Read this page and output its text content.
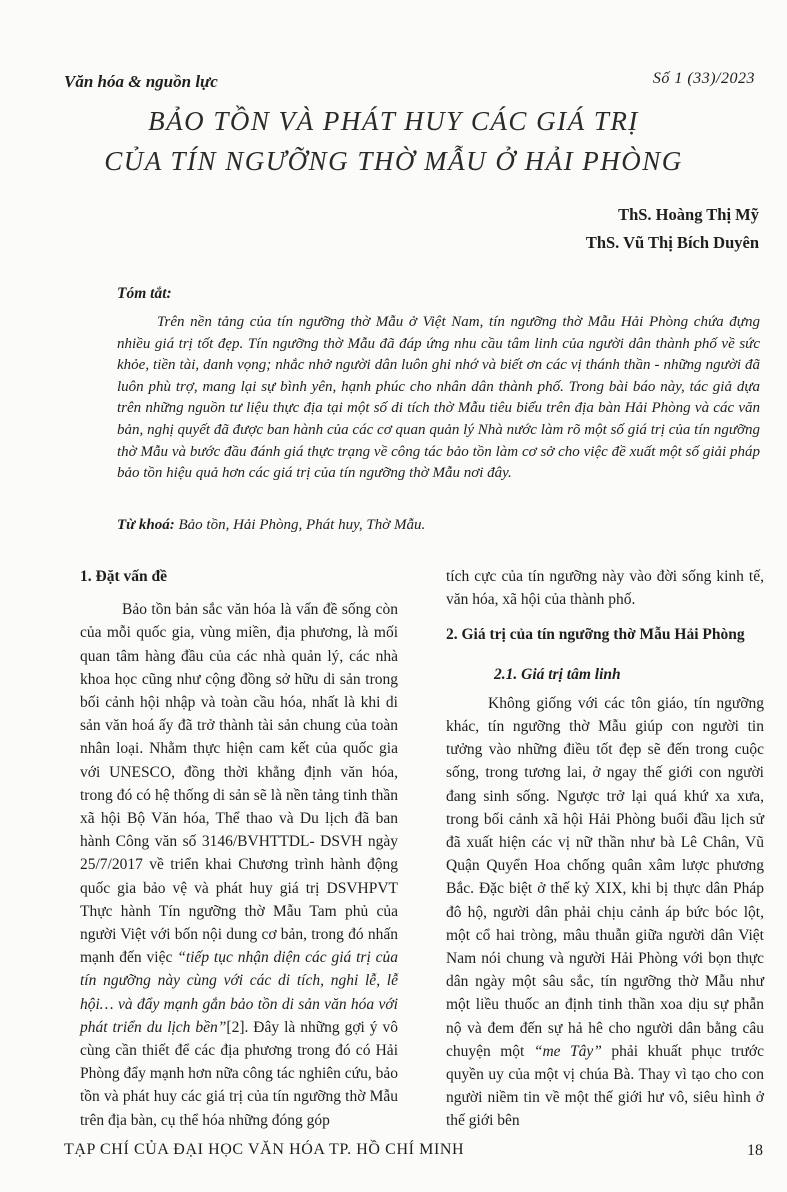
Văn hóa & nguồn lực	Số 1 (33)/2023
BẢO TỒN VÀ PHÁT HUY CÁC GIÁ TRỊ
CỦA TÍN NGƯỠNG THỜ MẪU Ở HẢI PHÒNG
ThS. Hoàng Thị Mỹ
ThS. Vũ Thị Bích Duyên
Tóm tắt:

Trên nền tảng của tín ngưỡng thờ Mẫu ở Việt Nam, tín ngưỡng thờ Mẫu Hải Phòng chứa đựng nhiều giá trị tốt đẹp. Tín ngưỡng thờ Mẫu đã đáp ứng nhu cầu tâm linh của người dân thành phố về sức khỏe, tiền tài, danh vọng; nhắc nhở người dân luôn ghi nhớ và biết ơn các vị thánh thần - những người đã luôn phù trợ, mang lại sự bình yên, hạnh phúc cho nhân dân thành phố. Trong bài báo này, tác giả dựa trên những nguồn tư liệu thực địa tại một số di tích thờ Mẫu tiêu biểu trên địa bàn Hải Phòng và các văn bản, nghị quyết đã được ban hành của các cơ quan quản lý Nhà nước làm rõ một số giá trị của tín ngưỡng thờ Mẫu và bước đầu đánh giá thực trạng về công tác bảo tồn làm cơ sở cho việc đề xuất một số giải pháp bảo tồn hiệu quả hơn các giá trị của tín ngưỡng thờ Mẫu nơi đây.

Từ khoá: Bảo tồn, Hải Phòng, Phát huy, Thờ Mẫu.

1. Đặt vấn đề

Bảo tồn bản sắc văn hóa là vấn đề sống còn của mỗi quốc gia, vùng miền, địa phương, là mối quan tâm hàng đầu của các nhà quản lý, các nhà khoa học cũng như cộng đồng sở hữu di sản trong bối cảnh hội nhập và toàn cầu hóa, nhất là khi di sản văn hoá ấy đã trở thành tài sản chung của toàn nhân loại. Nhằm thực hiện cam kết của quốc gia với UNESCO, đồng thời khẳng định văn hóa, trong đó có hệ thống di sản sẽ là nền tảng tinh thần xã hội Bộ Văn hóa, Thể thao và Du lịch đã ban hành Công văn số 3146/BVHTTDL- DSVH ngày 25/7/2017 về triển khai Chương trình hành động quốc gia bảo vệ và phát huy giá trị DSVHPVT Thực hành Tín ngưỡng thờ Mẫu Tam phủ của người Việt với bốn nội dung cơ bản, trong đó nhấn mạnh đến việc “tiếp tục nhận diện các giá trị của tín ngưỡng này cùng với các di tích, nghi lễ, lễ hội… và đẩy mạnh gắn bảo tồn di sản văn hóa với phát triển du lịch bền”[2]. Đây là những gợi ý vô cùng cần thiết để các địa phương trong đó có Hải Phòng đẩy mạnh hơn nữa công tác nghiên cứu, bảo tồn và phát huy các giá trị của tín ngưỡng thờ Mẫu trên địa bàn, cụ thể hóa những đóng góp

tích cực của tín ngưỡng này vào đời sống kinh tế, văn hóa, xã hội của thành phố.

2. Giá trị của tín ngưỡng thờ Mẫu Hải Phòng

2.1. Giá trị tâm linh

Không giống với các tôn giáo, tín ngưỡng khác, tín ngưỡng thờ Mẫu giúp con người tin tưởng vào những điều tốt đẹp sẽ đến trong cuộc sống, trong tương lai, ở ngay thế giới con người đang sinh sống. Ngược trở lại quá khứ xa xưa, trong bối cảnh xã hội Hải Phòng buổi đầu lịch sử đã xuất hiện các vị nữ thần như bà Lê Chân, Vũ Quận Quyển Hoa chống quân xâm lược phương Bắc. Đặc biệt ở thế kỷ XIX, khi bị thực dân Pháp đô hộ, người dân phải chịu cảnh áp bức bóc lột, một cổ hai tròng, mâu thuẫn giữa người dân Việt Nam nói chung và người Hải Phòng với bọn thực dân ngày một sâu sắc, tín ngưỡng thờ Mẫu như một liều thuốc an định tinh thần xoa dịu sự phẫn nộ và đem đến sự hả hê cho người dân bằng câu chuyện một “me Tây” phải khuất phục trước quyền uy của một vị chúa Bà. Thay vì tạo cho con người niềm tin về một thế giới hư vô, siêu hình ở thế giới bên

TẠP CHÍ CỦA ĐẠI HỌC VĂN HÓA TP. HỒ CHÍ MINH	18
